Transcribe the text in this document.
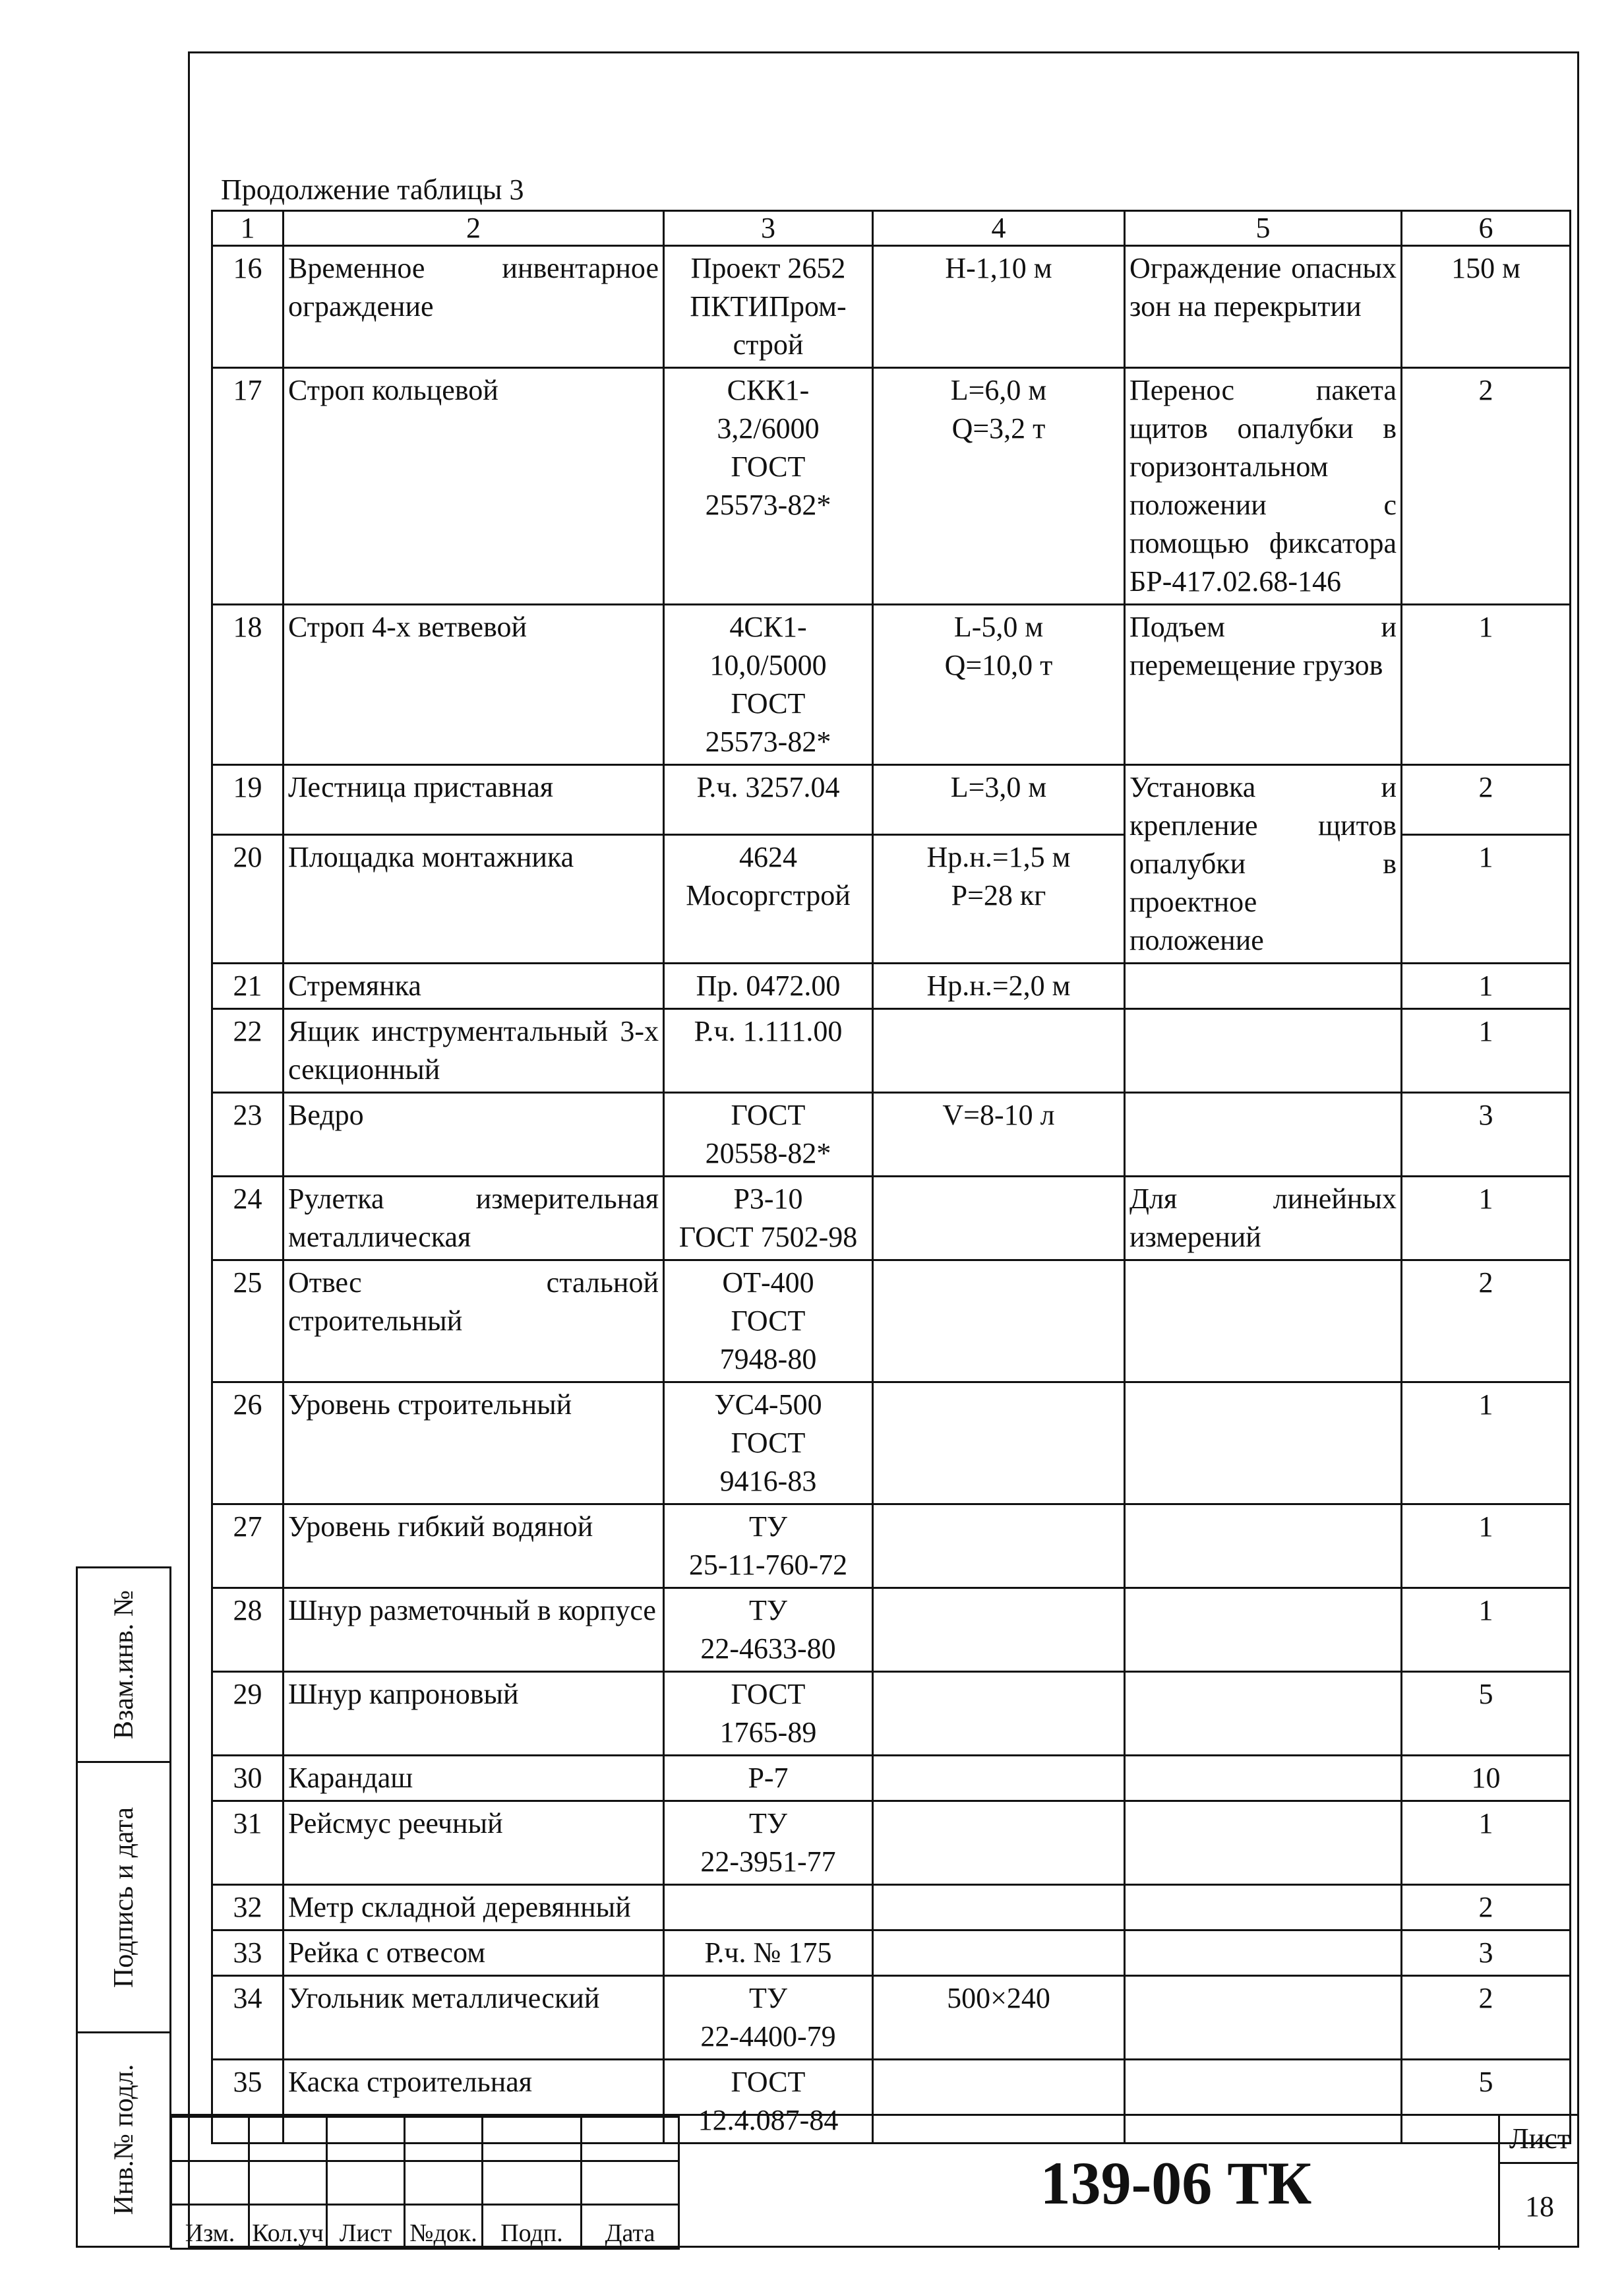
Продолжение таблицы 3
1	2	3	4	5	6
16	Временное инвентарное ограждение	Проект 2652
ПКТИПром-
строй	Н-1,10 м	Ограждение опасных зон на перекрытии	150 м
17	Строп кольцевой	СКК1-
3,2/6000
ГОСТ
25573-82*	L=6,0 м
Q=3,2 т	Перенос пакета щитов опалубки в горизонтальном положении с помощью фиксатора БР-417.02.68-146	2
18	Строп 4-х ветвевой	4СК1-
10,0/5000
ГОСТ
25573-82*	L-5,0 м
Q=10,0 т	Подъем и перемещение грузов	1
19	Лестница приставная	Р.ч. 3257.04	L=3,0 м	Установка и крепление щитов опалубки в проектное положение	2
20	Площадка монтажника	4624
Мосоргстрой	Нр.н.=1,5 м
Р=28 кг		1
21	Стремянка	Пр. 0472.00	Нр.н.=2,0 м		1
22	Ящик инструментальный 3-х секционный	Р.ч. 1.111.00			1
23	Ведро	ГОСТ
20558-82*	V=8-10 л		3
24	Рулетка измерительная металлическая	Р3-10
ГОСТ 7502-98		Для линейных измерений	1
25	Отвес стальной строительный	ОТ-400
ГОСТ
7948-80			2
26	Уровень строительный	УС4-500
ГОСТ
9416-83			1
27	Уровень гибкий водяной	ТУ
25-11-760-72			1
28	Шнур разметочный в корпусе	ТУ
22-4633-80			1
29	Шнур капроновый	ГОСТ
1765-89			5
30	Карандаш	Р-7			10
31	Рейсмус реечный	ТУ
22-3951-77			1
32	Метр складной деревянный				2
33	Рейка с отвесом	Р.ч. № 175			3
34	Угольник металлический	ТУ
22-4400-79	500×240		2
35	Каска строительная	ГОСТ
12.4.087-84			5
Взам.инв. №
Подпись и дата
Инв.№ подл.

Изм.	Кол.уч	Лист	№док.	Подп.	Дата
139-06 ТК
Лист
18
